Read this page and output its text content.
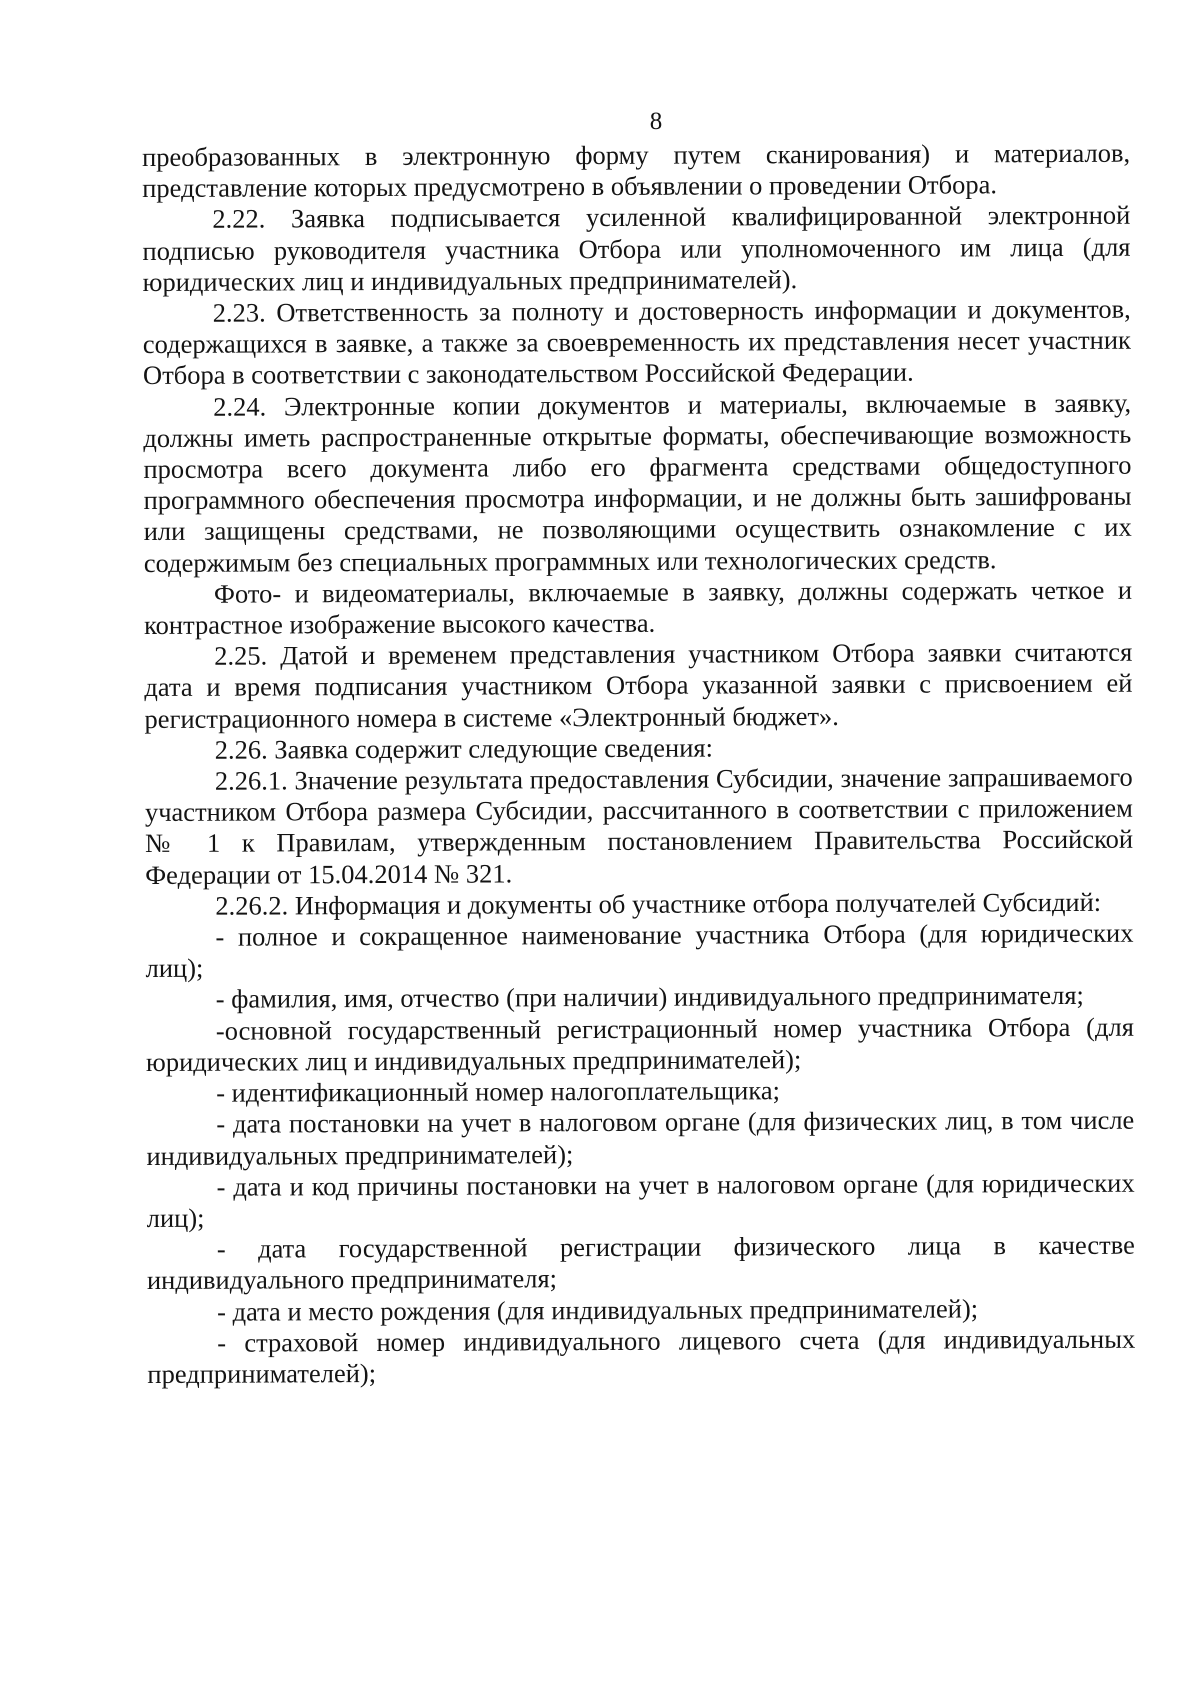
8

преобразованных в электронную форму путем сканирования) и материалов, представление которых предусмотрено в объявлении о проведении Отбора.

2.22. Заявка подписывается усиленной квалифицированной электронной подписью руководителя участника Отбора или уполномоченного им лица (для юридических лиц и индивидуальных предпринимателей).

2.23. Ответственность за полноту и достоверность информации и документов, содержащихся в заявке, а также за своевременность их представления несет участник Отбора в соответствии с законодательством Российской Федерации.

2.24. Электронные копии документов и материалы, включаемые в заявку, должны иметь распространенные открытые форматы, обеспечивающие возможность просмотра всего документа либо его фрагмента средствами общедоступного программного обеспечения просмотра информации, и не должны быть зашифрованы или защищены средствами, не позволяющими осуществить ознакомление с их содержимым без специальных программных или технологических средств.

Фото- и видеоматериалы, включаемые в заявку, должны содержать четкое и контрастное изображение высокого качества.

2.25. Датой и временем представления участником Отбора заявки считаются дата и время подписания участником Отбора указанной заявки с присвоением ей регистрационного номера в системе «Электронный бюджет».

2.26. Заявка содержит следующие сведения:

2.26.1. Значение результата предоставления Субсидии, значение запрашиваемого участником Отбора размера Субсидии, рассчитанного в соответствии с приложением № 1 к Правилам, утвержденным постановлением Правительства Российской Федерации от 15.04.2014 № 321.

2.26.2. Информация и документы об участнике отбора получателей Субсидий:

- полное и сокращенное наименование участника Отбора (для юридических лиц);

- фамилия, имя, отчество (при наличии) индивидуального предпринимателя;

-основной государственный регистрационный номер участника Отбора (для юридических лиц и индивидуальных предпринимателей);

- идентификационный номер налогоплательщика;

- дата постановки на учет в налоговом органе (для физических лиц, в том числе индивидуальных предпринимателей);

- дата и код причины постановки на учет в налоговом органе (для юридических лиц);

- дата государственной регистрации физического лица в качестве индивидуального предпринимателя;

- дата и место рождения (для индивидуальных предпринимателей);

- страховой номер индивидуального лицевого счета (для индивидуальных предпринимателей);
